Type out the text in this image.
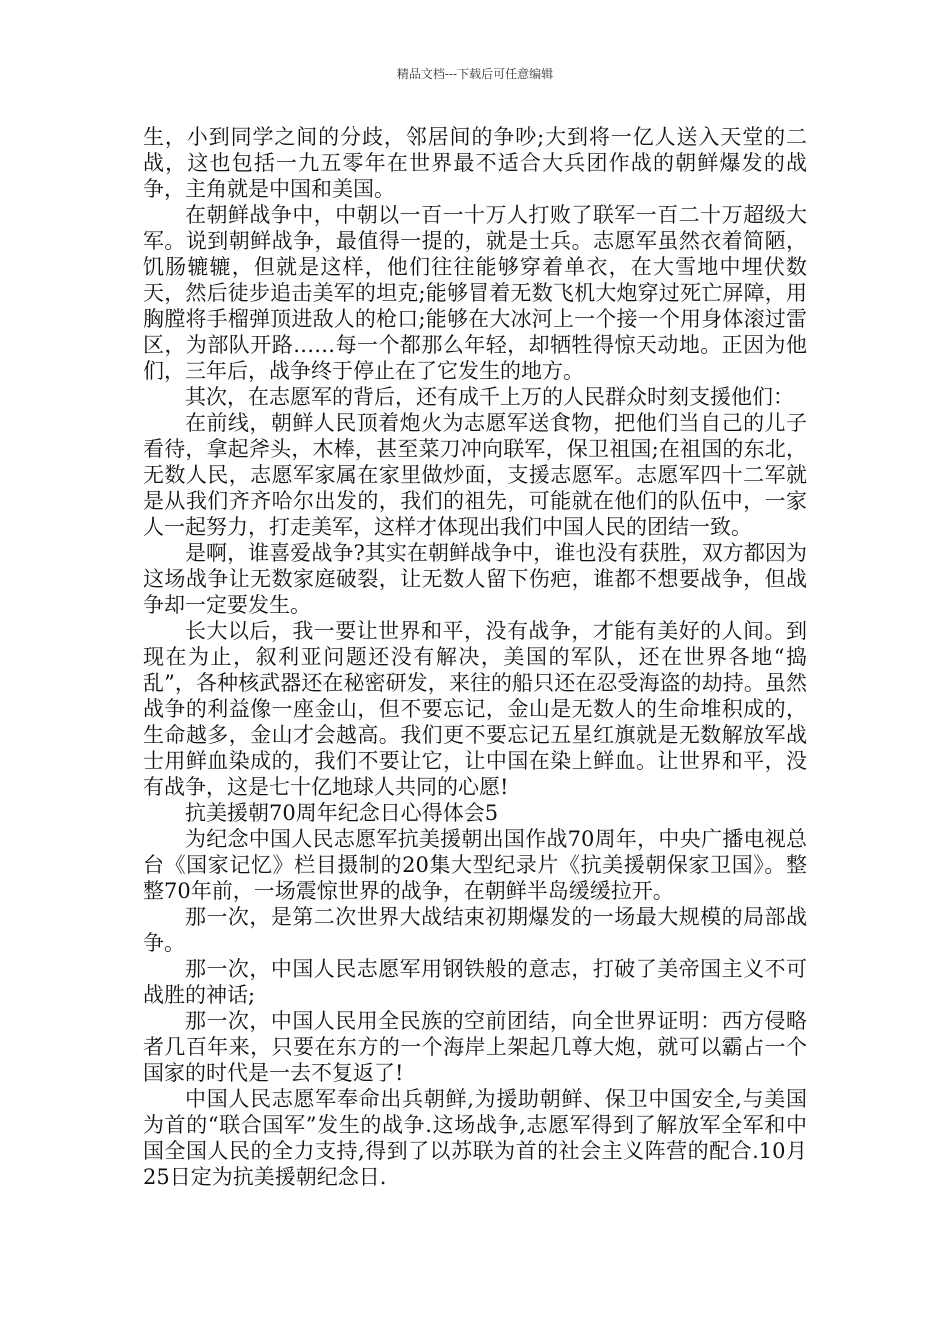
精品文档---下载后可任意编辑

生，小到同学之间的分歧，邻居间的争吵;大到将一亿人送入天堂的二战，这也包括一九五零年在世界最不适合大兵团作战的朝鲜爆发的战争，主角就是中国和美国。

在朝鲜战争中，中朝以一百一十万人打败了联军一百二十万超级大军。说到朝鲜战争，最值得一提的，就是士兵。志愿军虽然衣着简陋，饥肠辘辘，但就是这样，他们往往能够穿着单衣，在大雪地中埋伏数天，然后徒步追击美军的坦克;能够冒着无数飞机大炮穿过死亡屏障，用胸膛将手榴弹顶进敌人的枪口;能够在大冰河上一个接一个用身体滚过雷区，为部队开路……每一个都那么年轻，却牺牲得惊天动地。正因为他们，三年后，战争终于停止在了它发生的地方。

其次，在志愿军的背后，还有成千上万的人民群众时刻支援他们：

在前线，朝鲜人民顶着炮火为志愿军送食物，把他们当自己的儿子看待，拿起斧头，木棒，甚至菜刀冲向联军，保卫祖国;在祖国的东北，无数人民，志愿军家属在家里做炒面，支援志愿军。志愿军四十二军就是从我们齐齐哈尔出发的，我们的祖先，可能就在他们的队伍中，一家人一起努力，打走美军，这样才体现出我们中国人民的团结一致。

是啊，谁喜爱战争?其实在朝鲜战争中，谁也没有获胜，双方都因为这场战争让无数家庭破裂，让无数人留下伤疤，谁都不想要战争，但战争却一定要发生。

长大以后，我一要让世界和平，没有战争，才能有美好的人间。到现在为止，叙利亚问题还没有解决，美国的军队，还在世界各地“捣乱”，各种核武器还在秘密研发，来往的船只还在忍受海盗的劫持。虽然战争的利益像一座金山，但不要忘记，金山是无数人的生命堆积成的，生命越多，金山才会越高。我们更不要忘记五星红旗就是无数解放军战士用鲜血染成的，我们不要让它，让中国在染上鲜血。让世界和平，没有战争，这是七十亿地球人共同的心愿!

抗美援朝70周年纪念日心得体会5

为纪念中国人民志愿军抗美援朝出国作战70周年，中央广播电视总台《国家记忆》栏目摄制的20集大型纪录片《抗美援朝保家卫国》。整整70年前，一场震惊世界的战争，在朝鲜半岛缓缓拉开。

那一次，是第二次世界大战结束初期爆发的一场最大规模的局部战争。

那一次，中国人民志愿军用钢铁般的意志，打破了美帝国主义不可战胜的神话;

那一次，中国人民用全民族的空前团结，向全世界证明：西方侵略者几百年来，只要在东方的一个海岸上架起几尊大炮，就可以霸占一个国家的时代是一去不复返了!

中国人民志愿军奉命出兵朝鲜,为援助朝鲜、保卫中国安全,与美国为首的“联合国军”发生的战争.这场战争,志愿军得到了解放军全军和中国全国人民的全力支持,得到了以苏联为首的社会主义阵营的配合.10月25日定为抗美援朝纪念日.
